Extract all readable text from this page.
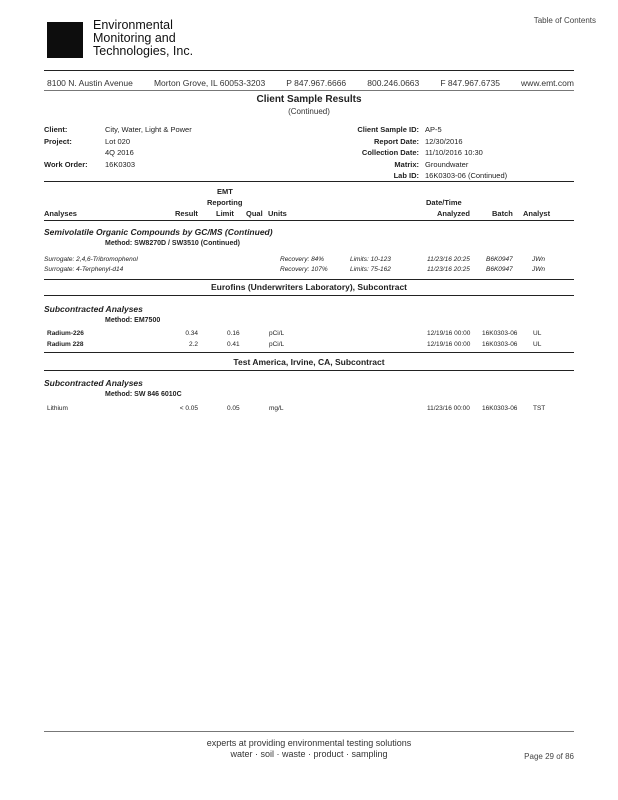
Table of Contents
Environmental
Monitoring and
Technologies, Inc.
8100 N. Austin Avenue Morton Grove, IL 60053-3203 P 847.967.6666 800.246.0663 F 847.967.6735 www.emt.com
Client Sample Results
(Continued)
Client:	City, Water, Light & Power
Project:	Lot 020
4Q 2016
Work Order: 16K0303
Client Sample ID: AP-5
Report Date: 12/30/2016
Collection Date: 11/10/2016 10:30
Matrix: Groundwater
Lab ID: 16K0303-06 (Continued)
EMT
Reporting	Date/Time
Analyses	Result Limit Qual Units	Analyzed	Batch Analyst
Semivolatile Organic Compounds by GC/MS (Continued)
Method: SW8270D / SW3510 (Continued)
Surrogate: 2,4,6-Tribromophenol	Recovery: 84%	Limits: 10-123	11/23/16 20:25 B6K0947	JWn
Surrogate: 4-Terphenyl-d14	Recovery: 107%	Limits: 75-162	11/23/16 20:25 B6K0947	JWn
Eurofins (Underwriters Laboratory), Subcontract
Subcontracted Analyses
Method: EM7500
Radium-226	0.34	0.16	pCi/L	12/19/16 00:00 16K0303-06 UL
Radium 228	2.2	0.41	pCi/L	12/19/16 00:00 16K0303-06 UL
Test America, Irvine, CA, Subcontract
Subcontracted Analyses
Method: SW 846 6010C
Lithium	< 0.05	0.05	mg/L	11/23/16 00:00 16K0303-06 TST
experts at providing environmental testing solutions
water · soil · waste · product · sampling	Page 29 of 86
